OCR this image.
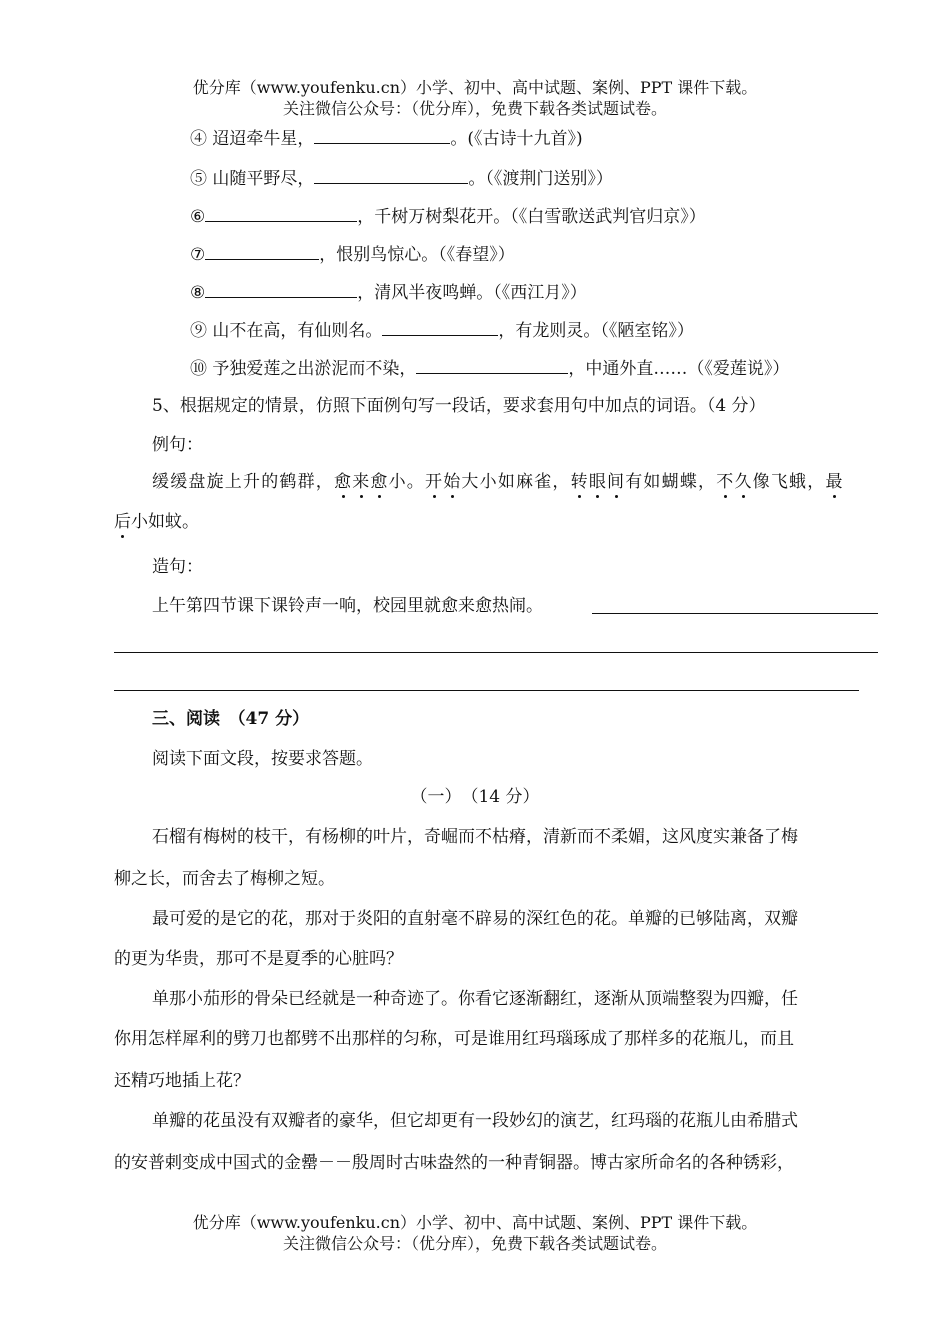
优分库（www.youfenku.cn）小学、初中、高中试题、案例、PPT 课件下载。
关注微信公众号：（优分库），免费下载各类试题试卷。
④ 迢迢牵牛星，	。(《古诗十九首》)
⑤ 山随平野尽，	。（《渡荆门送别》）
⑥	，千树万树梨花开。（《白雪歌送武判官归京》）
⑦	，恨别鸟惊心。（《春望》）
⑧	，清风半夜鸣蝉。（《西江月》）
⑨ 山不在高，有仙则名。	，有龙则灵。（《陋室铭》）
⑩ 予独爱莲之出淤泥而不染，	，中通外直……（《爱莲说》）
5、根据规定的情景，仿照下面例句写一段话，要求套用句中加点的词语。（4 分）
例句：
缓缓盘旋上升的鹤群，愈来愈小。开始大小如麻雀，转眼间有如蝴蝶，不久像飞蛾，最
后小如蚊。
造句：
上午第四节课下课铃声一响，校园里就愈来愈热闹。
三、阅读　（47 分）
阅读下面文段，按要求答题。
（一）　（14 分）
石榴有梅树的枝干，有杨柳的叶片，奇崛而不枯瘠，清新而不柔媚，这风度实兼备了梅
柳之长，而舍去了梅柳之短。
最可爱的是它的花，那对于炎阳的直射毫不辟易的深红色的花。单瓣的已够陆离，双瓣
的更为华贵，那可不是夏季的心脏吗？
单那小茄形的骨朵已经就是一种奇迹了。你看它逐渐翻红，逐渐从顶端整裂为四瓣，任
你用怎样犀利的劈刀也都劈不出那样的匀称，可是谁用红玛瑙琢成了那样多的花瓶儿，而且
还精巧地插上花？
单瓣的花虽没有双瓣者的豪华，但它却更有一段妙幻的演艺，红玛瑙的花瓶儿由希腊式
的安普剌变成中国式的金罍－－殷周时古味盎然的一种青铜器。博古家所命名的各种锈彩，
优分库（www.youfenku.cn）小学、初中、高中试题、案例、PPT 课件下载。
关注微信公众号：（优分库），免费下载各类试题试卷。
